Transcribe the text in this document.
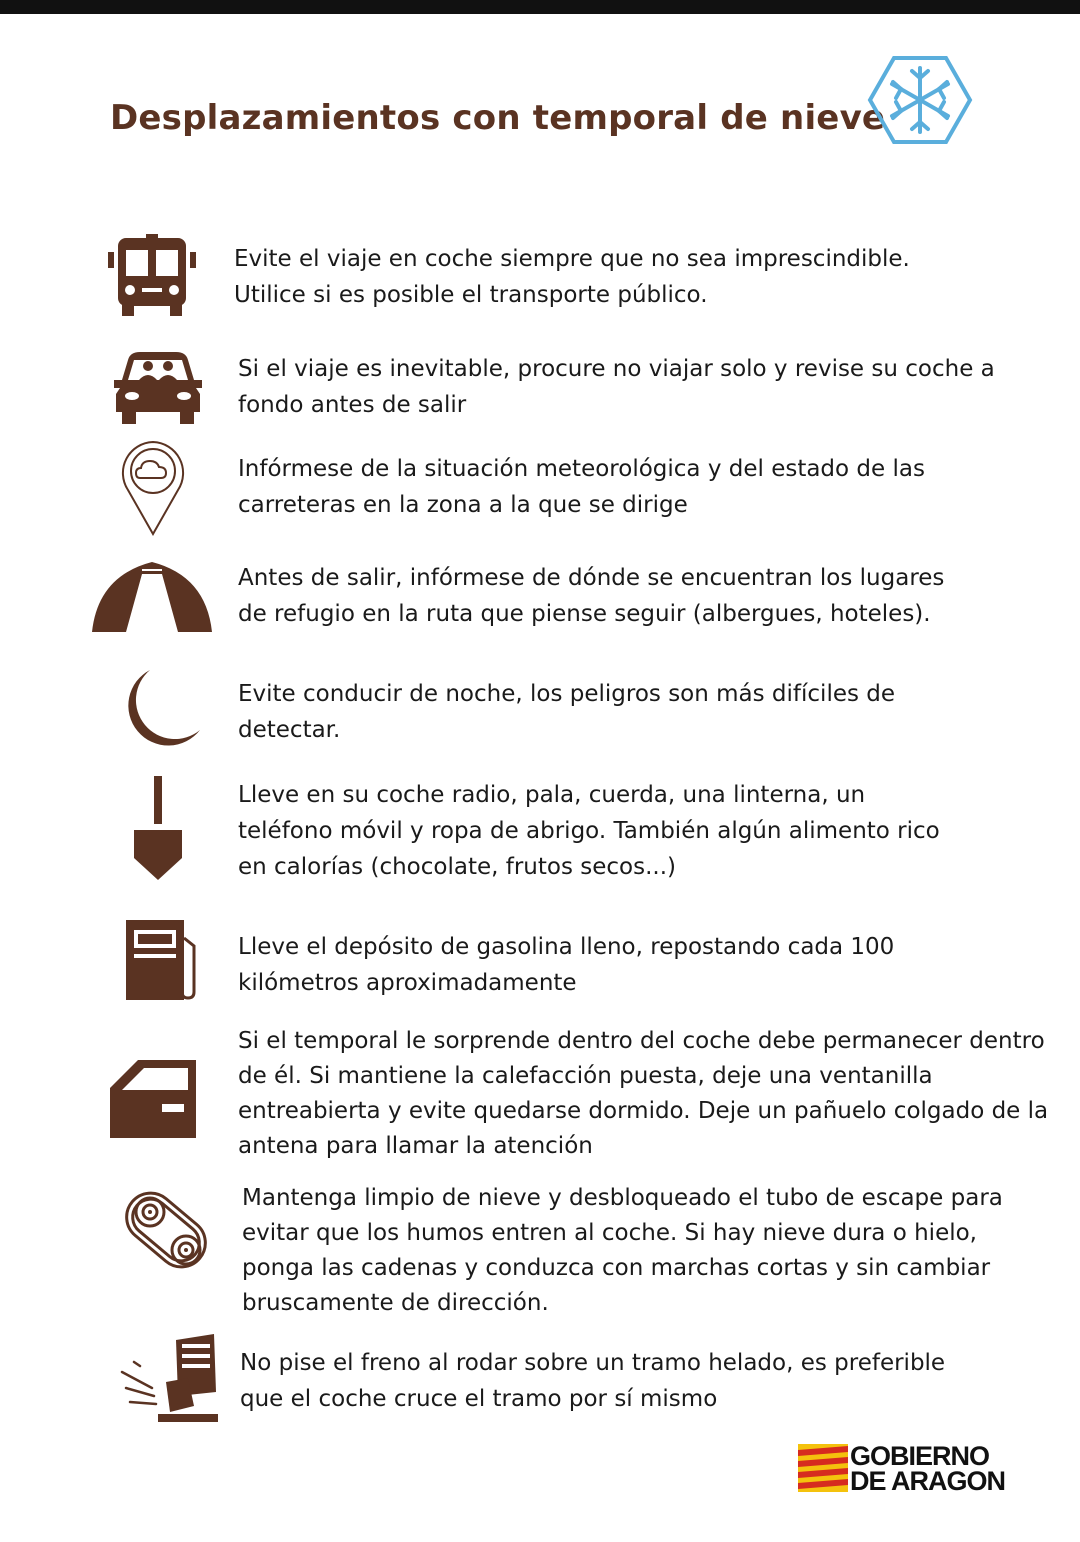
Desplazamientos con temporal de nieve
Evite el viaje en coche siempre que no sea imprescindible.
Utilice si es posible el transporte público.
Si el viaje es inevitable, procure no viajar solo y revise su coche a
fondo antes de salir
Infórmese de la situación meteorológica y del estado de las
carreteras en la zona a la que se dirige
Antes de salir, infórmese de dónde se encuentran los lugares
de refugio en la ruta que piense seguir (albergues, hoteles).
Evite conducir de noche, los peligros son más difíciles de
detectar.
Lleve en su coche radio, pala, cuerda, una linterna, un
teléfono móvil y ropa de abrigo. También algún alimento rico
en calorías (chocolate, frutos secos...)
Lleve el depósito de gasolina lleno, repostando cada 100
kilómetros aproximadamente
Si el temporal le sorprende dentro del coche debe permanecer dentro
de él. Si mantiene la calefacción puesta, deje una ventanilla
entreabierta y evite quedarse dormido. Deje un pañuelo colgado de la
antena para llamar la atención
Mantenga limpio de nieve y desbloqueado el tubo de escape para
evitar que los humos entren al coche. Si hay nieve dura o hielo,
ponga las cadenas y conduzca con marchas cortas y sin cambiar
bruscamente de dirección.
No pise el freno al rodar sobre un tramo helado, es preferible
que el coche cruce el tramo por sí mismo
GOBIERNO
DE ARAGON
